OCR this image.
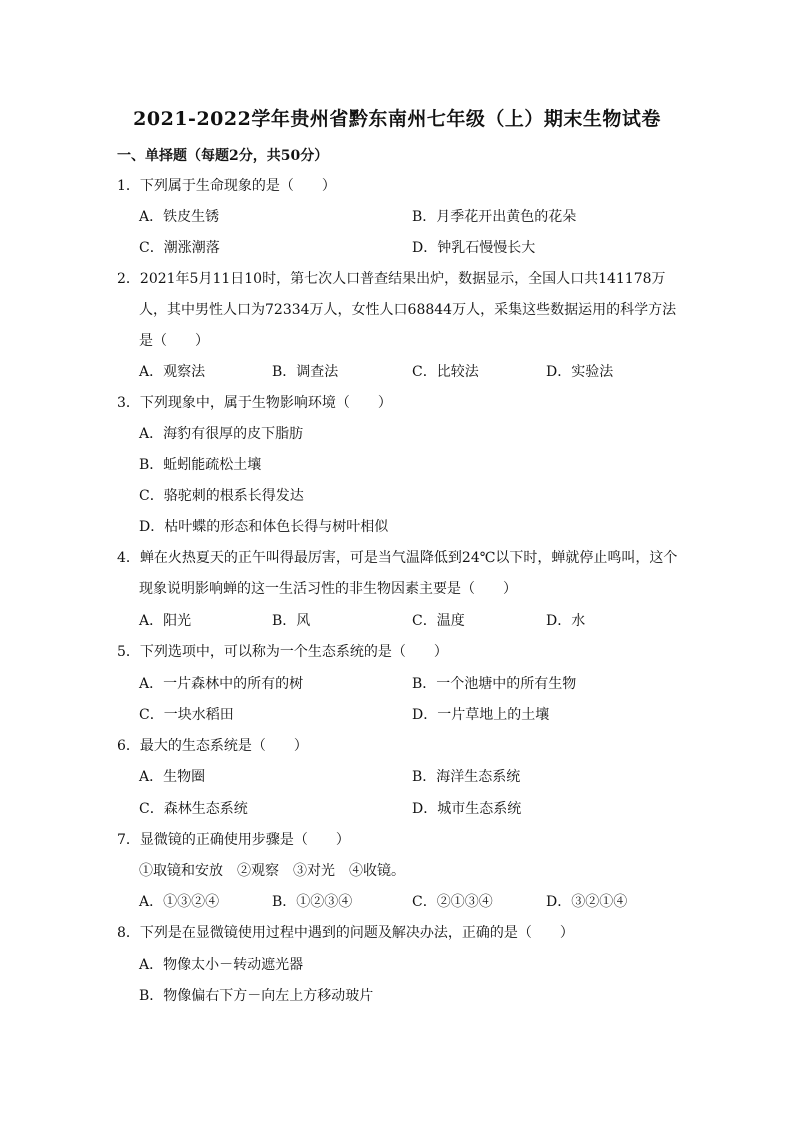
2021-2022学年贵州省黔东南州七年级（上）期末生物试卷
一、单择题（每题2分，共50分）
1．下列属于生命现象的是（　　）
A．铁皮生锈	B．月季花开出黄色的花朵
C．潮涨潮落	D．钟乳石慢慢长大
2．2021年5月11日10时，第七次人口普查结果出炉，数据显示，全国人口共141178万
人，其中男性人口为72334万人，女性人口68844万人，采集这些数据运用的科学方法
是（　　）
A．观察法	B．调查法	C．比较法	D．实验法
3．下列现象中，属于生物影响环境（　　）
A．海豹有很厚的皮下脂肪
B．蚯蚓能疏松土壤
C．骆驼刺的根系长得发达
D．枯叶蝶的形态和体色长得与树叶相似
4．蝉在火热夏天的正午叫得最厉害，可是当气温降低到24℃以下时，蝉就停止鸣叫，这个
现象说明影响蝉的这一生活习性的非生物因素主要是（　　）
A．阳光	B．风	C．温度	D．水
5．下列选项中，可以称为一个生态系统的是（　　）
A．一片森林中的所有的树	B．一个池塘中的所有生物
C．一块水稻田	D．一片草地上的土壤
6．最大的生态系统是（　　）
A．生物圈	B．海洋生态系统
C．森林生态系统	D．城市生态系统
7．显微镜的正确使用步骤是（　　）
①取镜和安放　②观察　③对光　④收镜。
A．①③②④	B．①②③④	C．②①③④	D．③②①④
8．下列是在显微镜使用过程中遇到的问题及解决办法，正确的是（　　）
A．物像太小－转动遮光器
B．物像偏右下方－向左上方移动玻片
